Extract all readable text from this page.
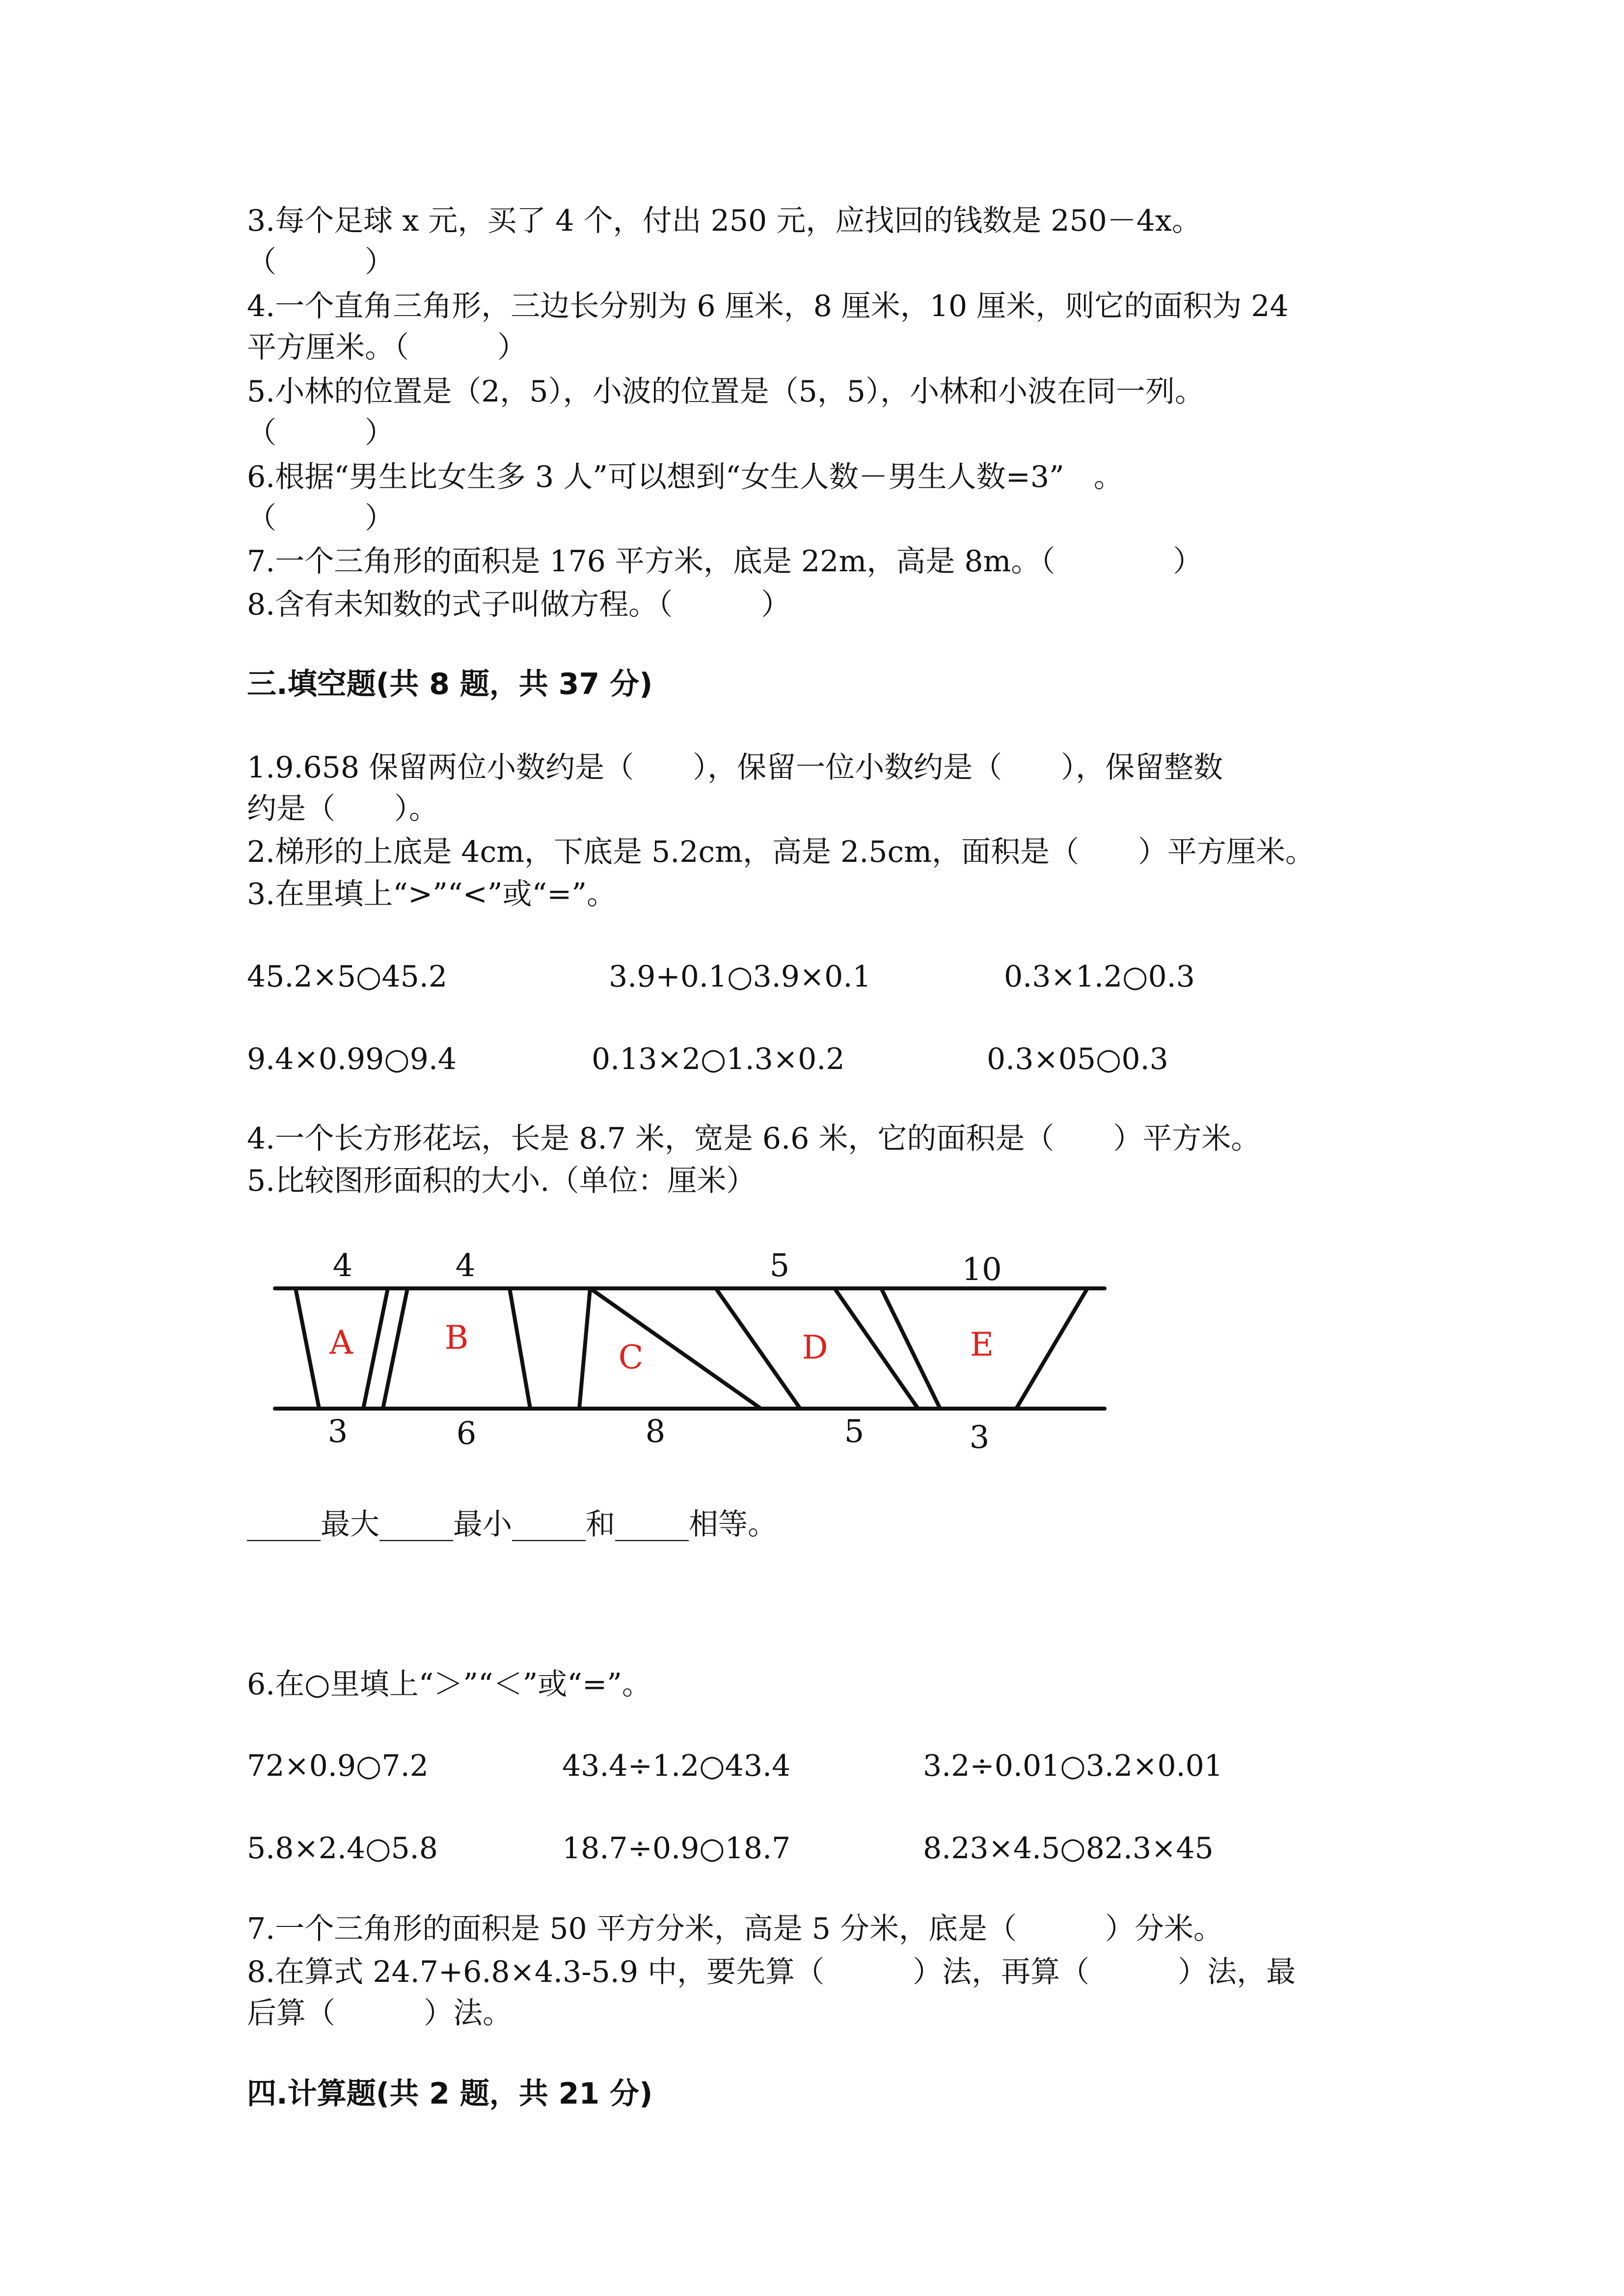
3.每个足球 x 元，买了 4 个，付出 250 元，应找回的钱数是 250－4x。

（　　　）

4.一个直角三角形，三边长分别为 6 厘米，8 厘米，10 厘米，则它的面积为 24

平方厘米。（　　　）

5.小林的位置是（2，5），小波的位置是（5，5），小林和小波在同一列。

（　　　）

6.根据“男生比女生多 3 人”可以想到“女生人数－男生人数=3”　。

（　　　）

7.一个三角形的面积是 176 平方米，底是 22m，高是 8m。（　　　　）

8.含有未知数的式子叫做方程。（　　　）

三.填空题(共 8 题，共 37 分)

1.9.658 保留两位小数约是（　　），保留一位小数约是（　　），保留整数

约是（　　）。

2.梯形的上底是 4cm，下底是 5.2cm，高是 2.5cm，面积是（　　）平方厘米。

3.在里填上“>”“<”或“=”。

45.2×5○45.2	3.9+0.1○3.9×0.1	0.3×1.2○0.3
9.4×0.99○9.4	0.13×2○1.3×0.2	0.3×05○0.3

4.一个长方形花坛，长是 8.7 米，宽是 6.6 米，它的面积是（　　）平方米。

5.比较图形面积的大小.（单位：厘米）

4	4	5	10
3	6	8	5	3
A	B
C	D	E

_____最大_____最小_____和_____相等。

6.在○里填上“＞”“＜”或“=”。

72×0.9○7.2	43.4÷1.2○43.4	3.2÷0.01○3.2×0.01
5.8×2.4○5.8	18.7÷0.9○18.7	8.23×4.5○82.3×45

7.一个三角形的面积是 50 平方分米，高是 5 分米，底是（　　　）分米。

8.在算式 24.7+6.8×4.3-5.9 中，要先算（　　　）法，再算（　　　）法，最

后算（　　　）法。

四.计算题(共 2 题，共 21 分)
